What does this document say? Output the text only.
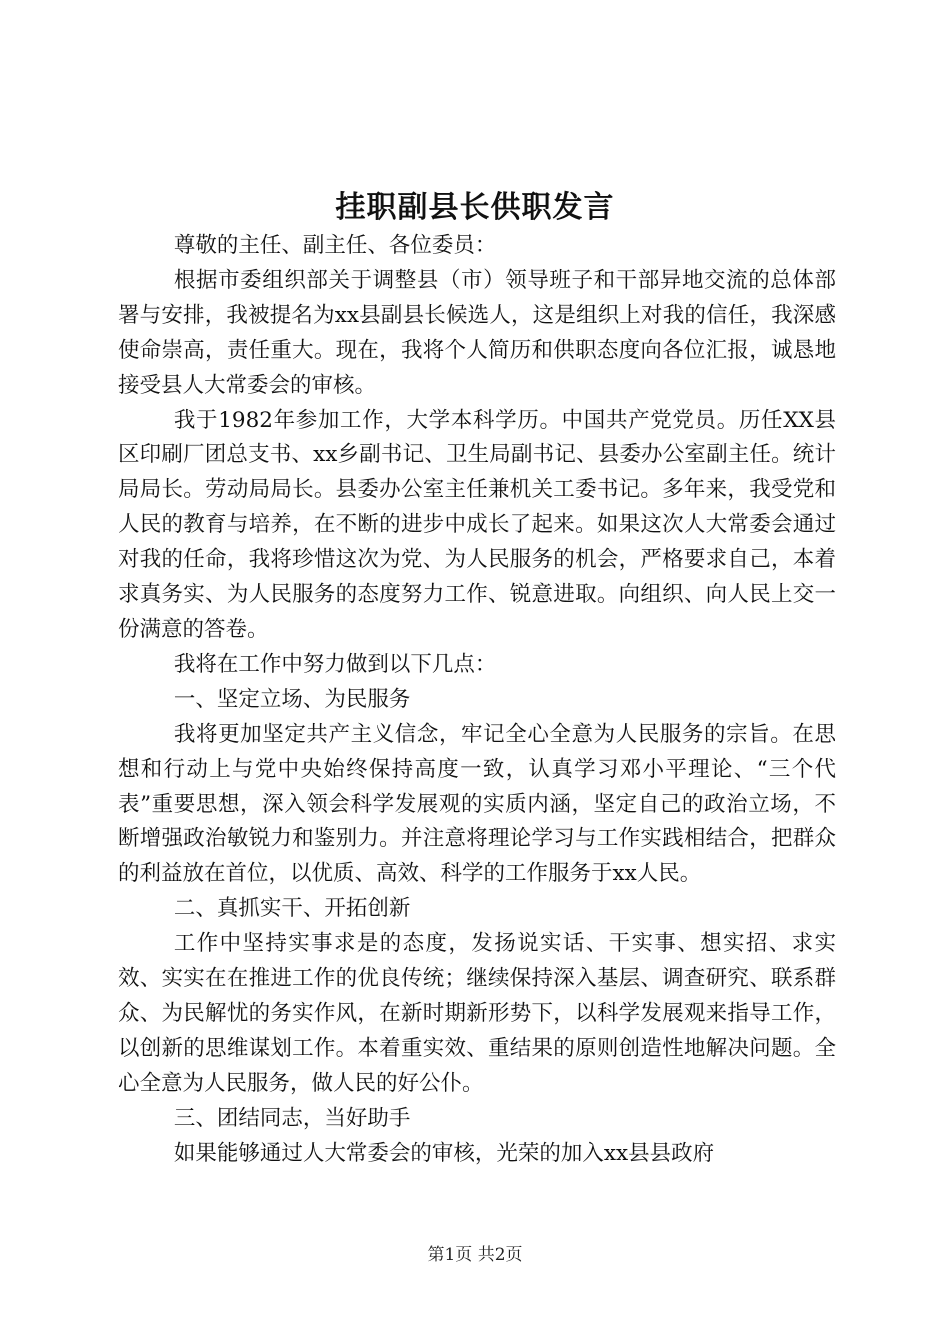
挂职副县长供职发言

尊敬的主任、副主任、各位委员：

根据市委组织部关于调整县（市）领导班子和干部异地交流的总体部署与安排，我被提名为xx县副县长候选人，这是组织上对我的信任，我深感使命崇高，责任重大。现在，我将个人简历和供职态度向各位汇报，诚恳地接受县人大常委会的审核。

我于1982年参加工作，大学本科学历。中国共产党党员。历任XX县区印刷厂团总支书、xx乡副书记、卫生局副书记、县委办公室副主任。统计局局长。劳动局局长。县委办公室主任兼机关工委书记。多年来，我受党和人民的教育与培养，在不断的进步中成长了起来。如果这次人大常委会通过对我的任命，我将珍惜这次为党、为人民服务的机会，严格要求自己，本着求真务实、为人民服务的态度努力工作、锐意进取。向组织、向人民上交一份满意的答卷。

我将在工作中努力做到以下几点：

一、坚定立场、为民服务

我将更加坚定共产主义信念，牢记全心全意为人民服务的宗旨。在思想和行动上与党中央始终保持高度一致，认真学习邓小平理论、“三个代表”重要思想，深入领会科学发展观的实质内涵，坚定自己的政治立场，不断增强政治敏锐力和鉴别力。并注意将理论学习与工作实践相结合，把群众的利益放在首位，以优质、高效、科学的工作服务于xx人民。

二、真抓实干、开拓创新

工作中坚持实事求是的态度，发扬说实话、干实事、想实招、求实效、实实在在推进工作的优良传统；继续保持深入基层、调查研究、联系群众、为民解忧的务实作风，在新时期新形势下，以科学发展观来指导工作，以创新的思维谋划工作。本着重实效、重结果的原则创造性地解决问题。全心全意为人民服务，做人民的好公仆。

三、团结同志，当好助手

如果能够通过人大常委会的审核，光荣的加入xx县县政府

第1页 共2页
